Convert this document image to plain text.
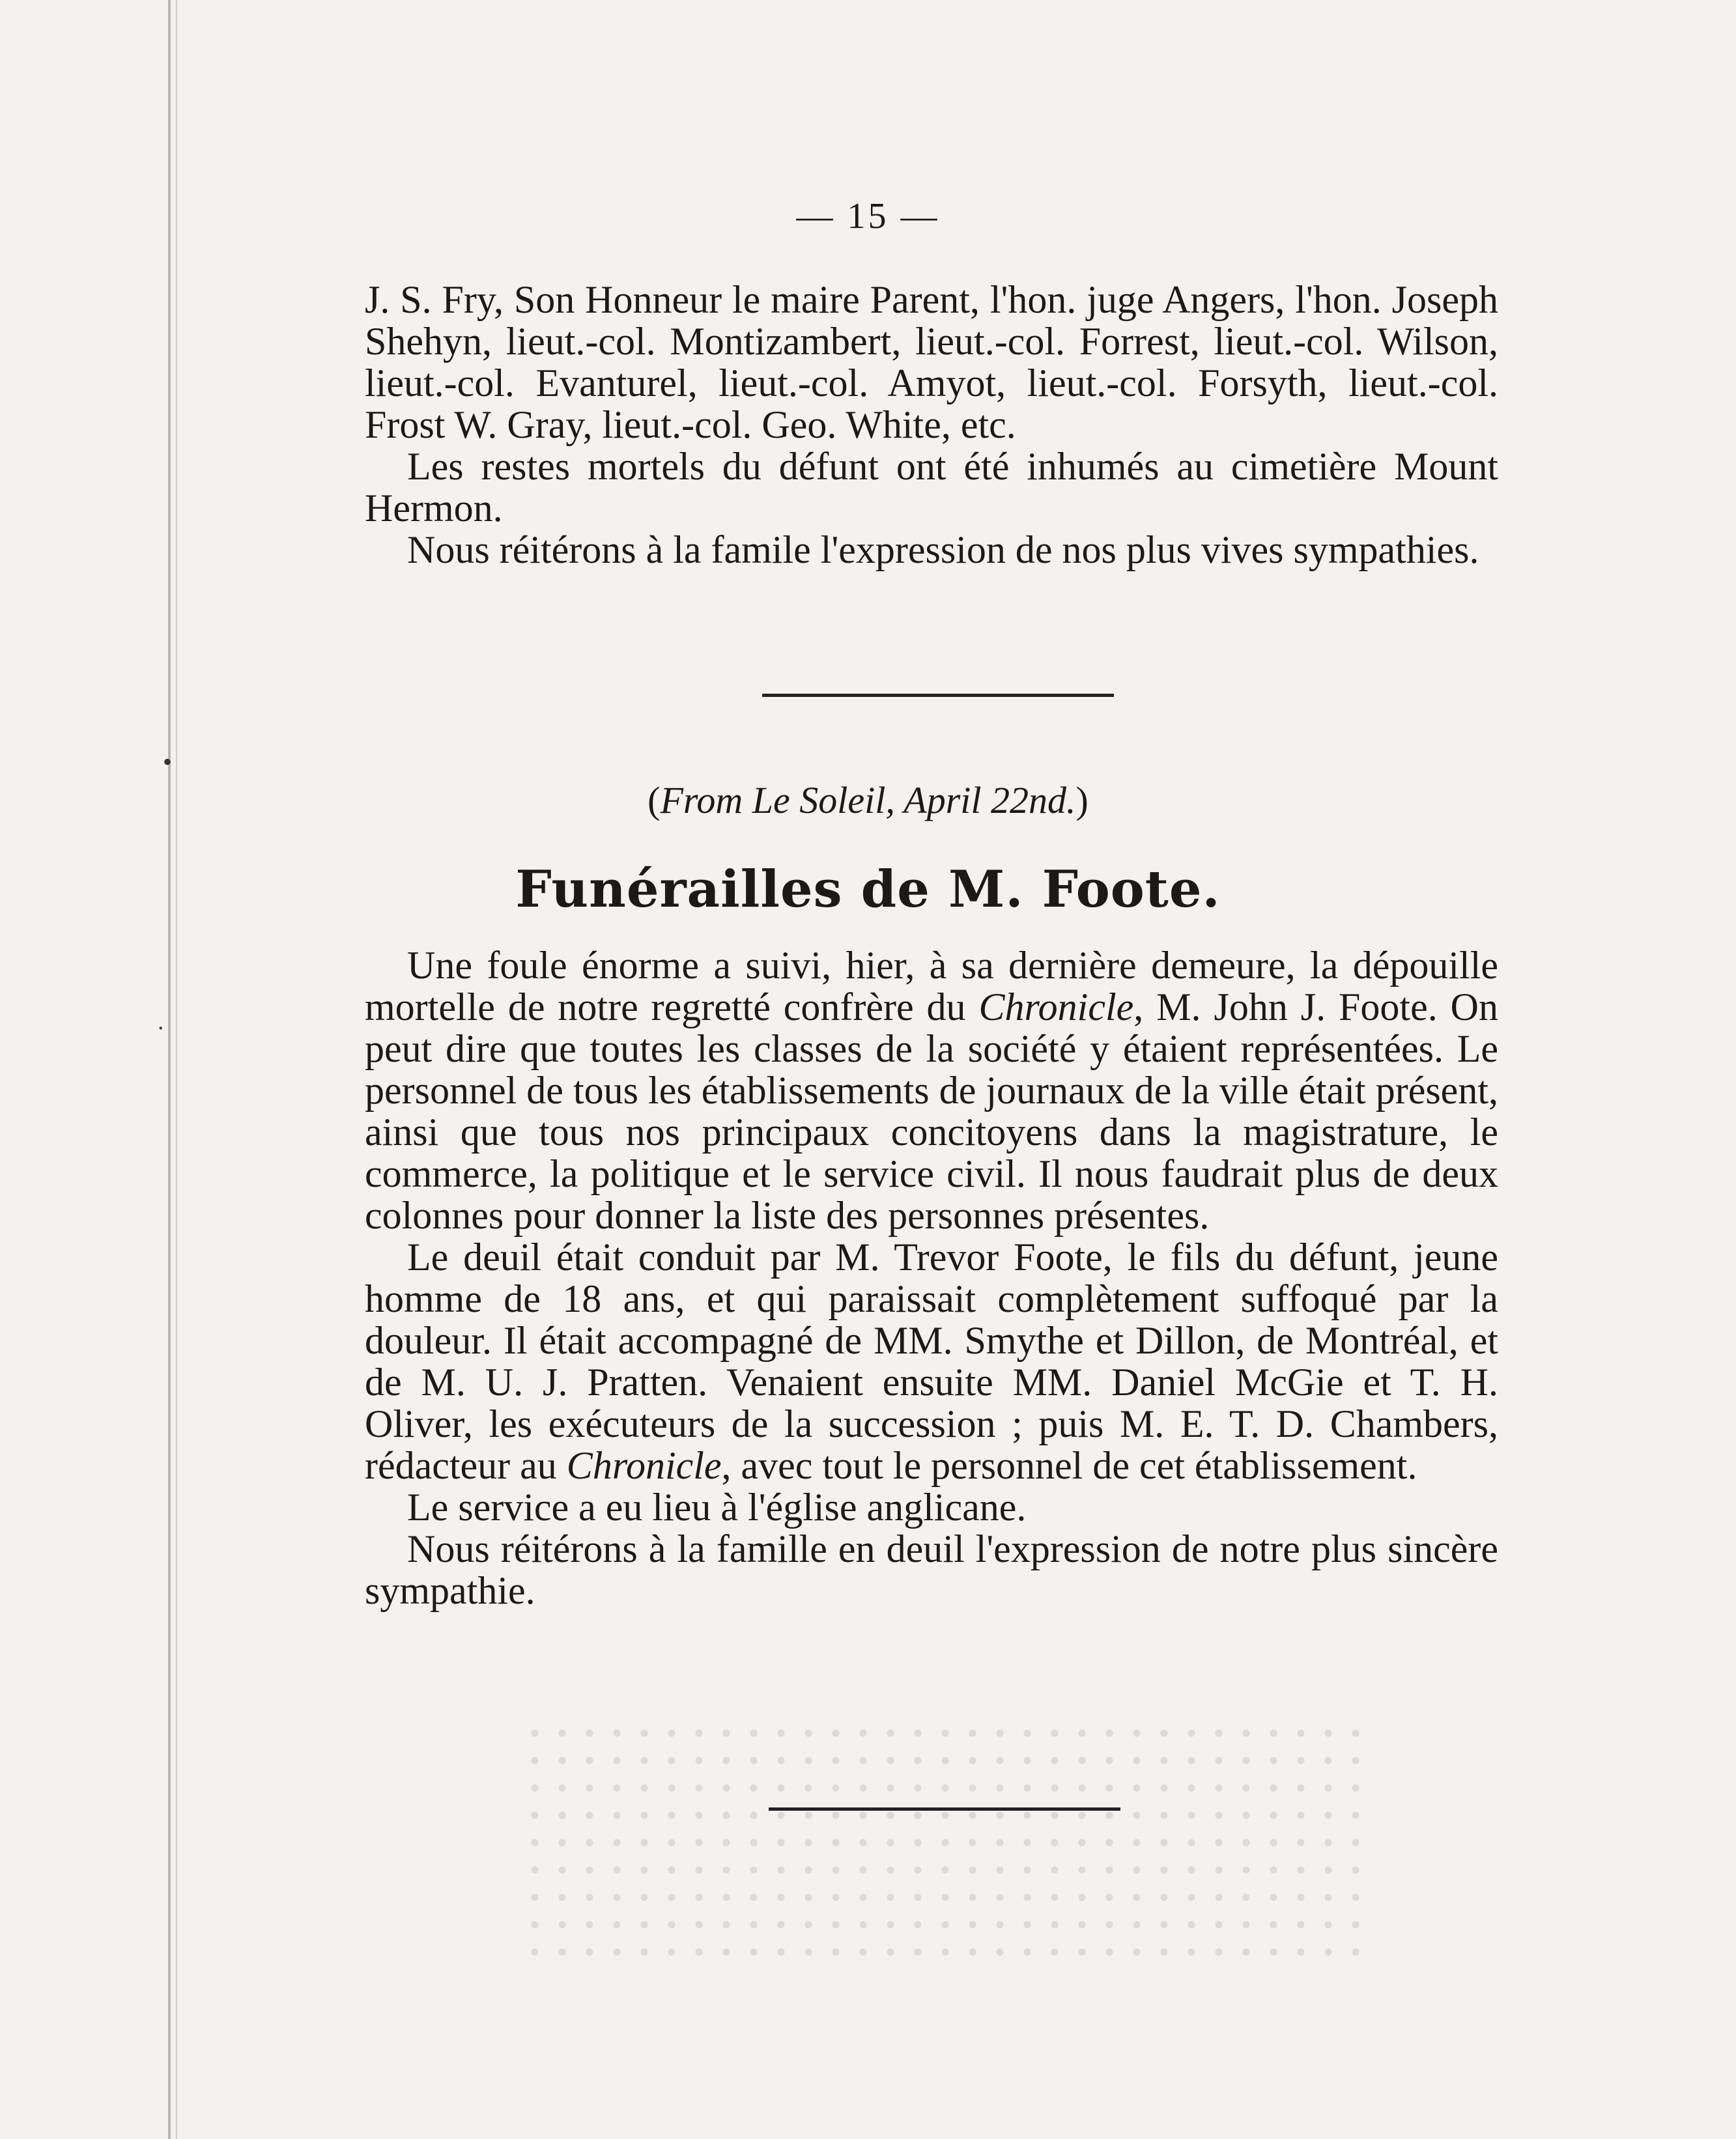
•
˙
— 15 —

J. S. Fry, Son Honneur le maire Parent, l'hon. juge Angers, l'hon. Joseph Shehyn, lieut.-col. Montizambert, lieut.-col. Forrest, lieut.-col. Wilson, lieut.-col. Evanturel, lieut.-col. Amyot, lieut.-col. Forsyth, lieut.-col. Frost W. Gray, lieut.-col. Geo. White, etc.

Les restes mortels du défunt ont été inhumés au cimetière Mount Hermon.

Nous réitérons à la famile l'expression de nos plus vives sympathies.

(From Le Soleil, April 22nd.)
Funérailles de M. Foote.

Une foule énorme a suivi, hier, à sa dernière demeure, la dépouille mortelle de notre regretté confrère du Chronicle, M. John J. Foote. On peut dire que toutes les classes de la société y étaient représentées. Le personnel de tous les établissements de journaux de la ville était présent, ainsi que tous nos principaux concitoyens dans la magistrature, le commerce, la politique et le service civil. Il nous faudrait plus de deux colonnes pour donner la liste des personnes présentes.

Le deuil était conduit par M. Trevor Foote, le fils du défunt, jeune homme de 18 ans, et qui paraissait complètement suffoqué par la douleur. Il était accompagné de MM. Smythe et Dillon, de Montréal, et de M. U. J. Pratten. Venaient ensuite MM. Daniel McGie et T. H. Oliver, les exécuteurs de la succession ; puis M. E. T. D. Chambers, rédacteur au Chronicle, avec tout le personnel de cet établissement.

Le service a eu lieu à l'église anglicane.

Nous réitérons à la famille en deuil l'expression de notre plus sincère sympathie.
